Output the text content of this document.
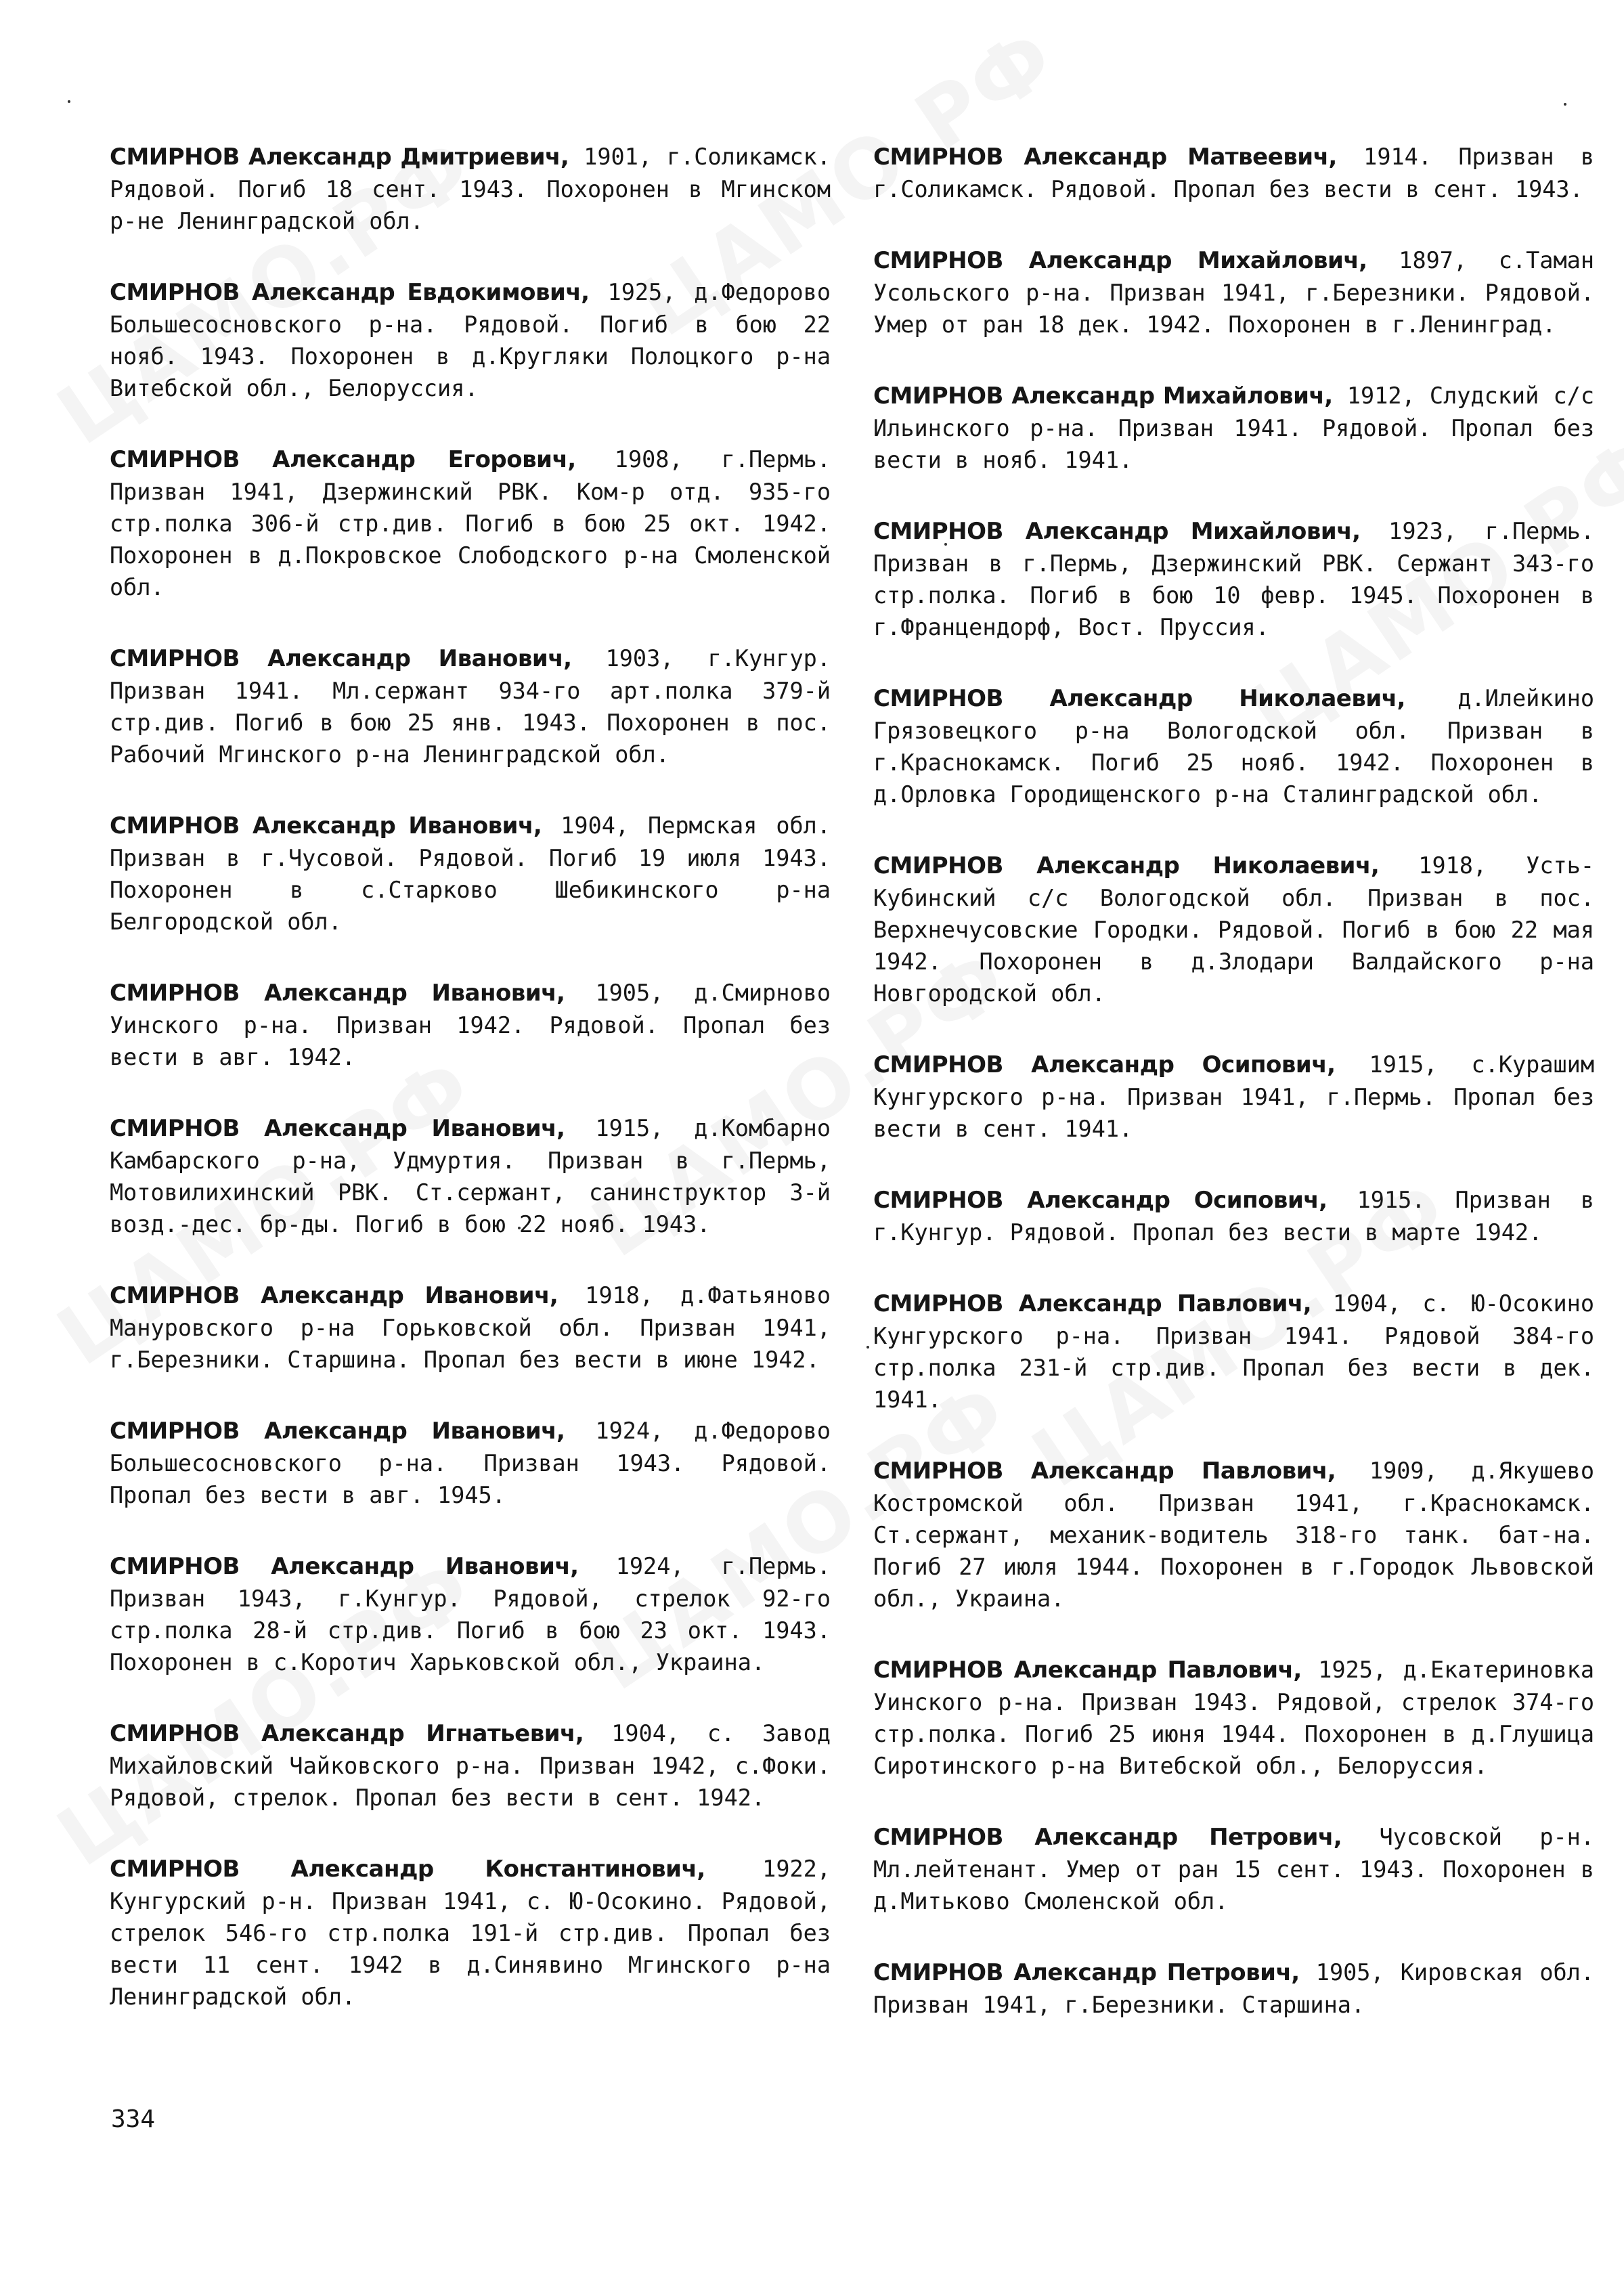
СМИРНОВ Александр Дмитриевич, 1901, г.Соликамск. Рядовой. Погиб 18 сент. 1943. Похоронен в Мгинском р-не Ленинградской обл.

СМИРНОВ Александр Евдокимович, 1925, д.Федорово Большесосновского р-на. Рядовой. Погиб в бою 22 нояб. 1943. Похоронен в д.Кругляки Полоцкого р-на Витебской обл., Белоруссия.

СМИРНОВ Александр Егорович, 1908, г.Пермь. Призван 1941, Дзержинский РВК. Ком-р отд. 935-го стр.полка 306-й стр.див. Погиб в бою 25 окт. 1942. Похоронен в д.Покровское Слободского р-на Смоленской обл.

СМИРНОВ Александр Иванович, 1903, г.Кунгур. Призван 1941. Мл.сержант 934-го арт.полка 379-й стр.див. Погиб в бою 25 янв. 1943. Похоронен в пос. Рабочий Мгинского р-на Ленинградской обл.

СМИРНОВ Александр Иванович, 1904, Пермская обл. Призван в г.Чусовой. Рядовой. Погиб 19 июля 1943. Похоронен в с.Старково Шебикинского р-на Белгородской обл.

СМИРНОВ Александр Иванович, 1905, д.Смирново Уинского р-на. Призван 1942. Рядовой. Пропал без вести в авг. 1942.

СМИРНОВ Александр Иванович, 1915, д.Комбарно Камбарского р-на, Удмуртия. Призван в г.Пермь, Мотовилихинский РВК. Ст.сержант, санинструктор 3-й возд.-дес. бр-ды. Погиб в бою 22 нояб. 1943.

СМИРНОВ Александр Иванович, 1918, д.Фатьяново Мануровского р-на Горьковской обл. Призван 1941, г.Березники. Старшина. Пропал без вести в июне 1942.

СМИРНОВ Александр Иванович, 1924, д.Федорово Большесосновского р-на. Призван 1943. Рядовой. Пропал без вести в авг. 1945.

СМИРНОВ Александр Иванович, 1924, г.Пермь. Призван 1943, г.Кунгур. Рядовой, стрелок 92-го стр.полка 28-й стр.див. Погиб в бою 23 окт. 1943. Похоронен в с.Коротич Харьковской обл., Украина.

СМИРНОВ Александр Игнатьевич, 1904, с. Завод Михайловский Чайковского р-на. Призван 1942, с.Фоки. Рядовой, стрелок. Пропал без вести в сент. 1942.

СМИРНОВ Александр Константинович, 1922, Кунгурский р-н. Призван 1941, с. Ю-Осокино. Рядовой, стрелок 546-го стр.полка 191-й стр.див. Пропал без вести 11 сент. 1942 в д.Синявино Мгинского р-на Ленинградской обл.

СМИРНОВ Александр Матвеевич, 1914. Призван в г.Соликамск. Рядовой. Пропал без вести в сент. 1943.

СМИРНОВ Александр Михайлович, 1897, с.Таман Усольского р-на. Призван 1941, г.Березники. Рядовой. Умер от ран 18 дек. 1942. Похоронен в г.Ленинград.

СМИРНОВ Александр Михайлович, 1912, Слудский с/с Ильинского р-на. Призван 1941. Рядовой. Пропал без вести в нояб. 1941.

СМИРНОВ Александр Михайлович, 1923, г.Пермь. Призван в г.Пермь, Дзержинский РВК. Сержант 343-го стр.полка. Погиб в бою 10 февр. 1945. Похоронен в г.Францендорф, Вост. Пруссия.

СМИРНОВ Александр Николаевич, д.Илейкино Грязовецкого р-на Вологодской обл. Призван в г.Краснокамск. Погиб 25 нояб. 1942. Похоронен в д.Орловка Городищенского р-на Сталинградской обл.

СМИРНОВ Александр Николаевич, 1918, Усть-Кубинский с/с Вологодской обл. Призван в пос. Верхнечусовские Городки. Рядовой. Погиб в бою 22 мая 1942. Похоронен в д.Злодари Валдайского р-на Новгородской обл.

СМИРНОВ Александр Осипович, 1915, с.Курашим Кунгурского р-на. Призван 1941, г.Пермь. Пропал без вести в сент. 1941.

СМИРНОВ Александр Осипович, 1915. Призван в г.Кунгур. Рядовой. Пропал без вести в марте 1942.

СМИРНОВ Александр Павлович, 1904, с. Ю-Осокино Кунгурского р-на. Призван 1941. Рядовой 384-го стр.полка 231-й стр.див. Пропал без вести в дек. 1941.

СМИРНОВ Александр Павлович, 1909, д.Якушево Костромской обл. Призван 1941, г.Краснокамск. Ст.сержант, механик-водитель 318-го танк. бат-на. Погиб 27 июля 1944. Похоронен в г.Городок Львовской обл., Украина.

СМИРНОВ Александр Павлович, 1925, д.Екатериновка Уинского р-на. Призван 1943. Рядовой, стрелок 374-го стр.полка. Погиб 25 июня 1944. Похоронен в д.Глушица Сиротинского р-на Витебской обл., Белоруссия.

СМИРНОВ Александр Петрович, Чусовской р-н. Мл.лейтенант. Умер от ран 15 сент. 1943. Похоронен в д.Митьково Смоленской обл.

СМИРНОВ Александр Петрович, 1905, Кировская обл. Призван 1941, г.Березники. Старшина.

334
